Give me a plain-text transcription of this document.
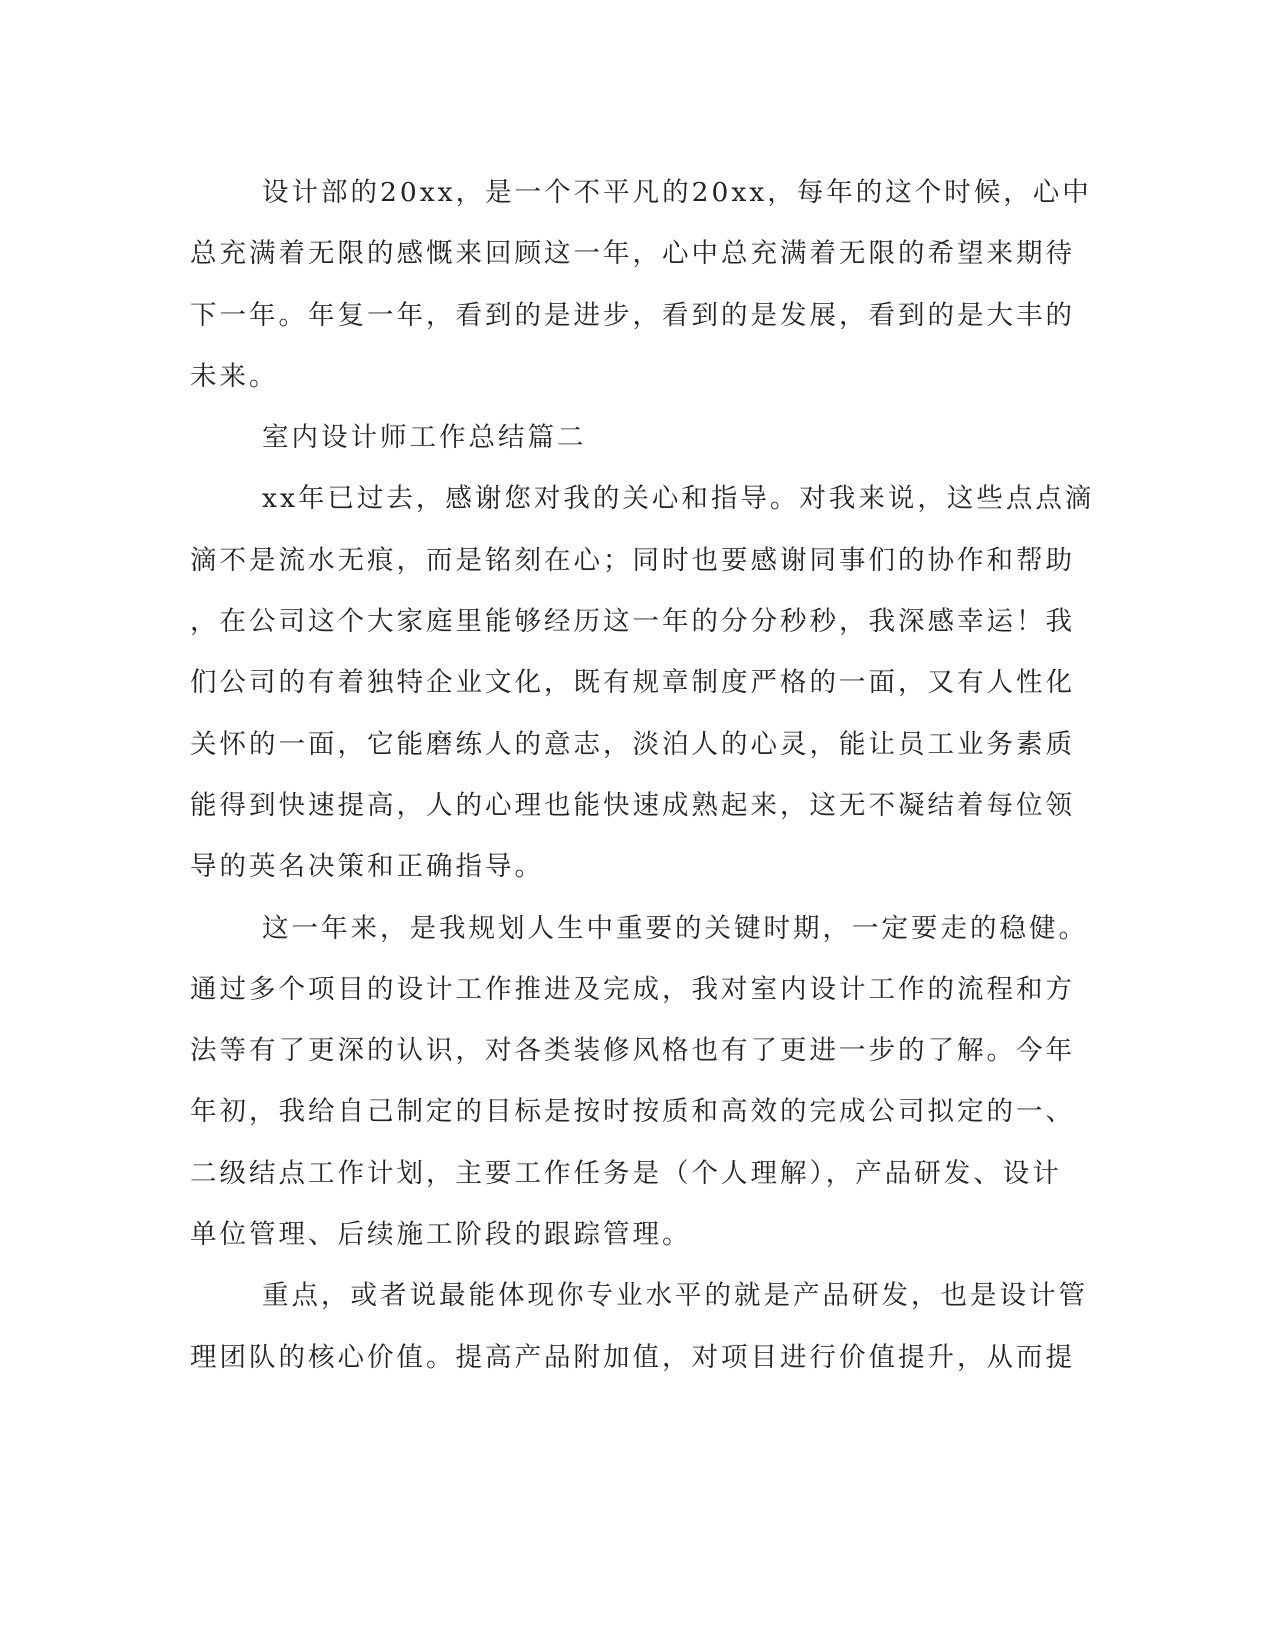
设计部的20xx，是一个不平凡的20xx，每年的这个时候，心中
总充满着无限的感慨来回顾这一年，心中总充满着无限的希望来期待
下一年。年复一年，看到的是进步，看到的是发展，看到的是大丰的
未来。
室内设计师工作总结篇二
xx年已过去，感谢您对我的关心和指导。对我来说，这些点点滴
滴不是流水无痕，而是铭刻在心；同时也要感谢同事们的协作和帮助
，在公司这个大家庭里能够经历这一年的分分秒秒，我深感幸运！我
们公司的有着独特企业文化，既有规章制度严格的一面，又有人性化
关怀的一面，它能磨练人的意志，淡泊人的心灵，能让员工业务素质
能得到快速提高，人的心理也能快速成熟起来，这无不凝结着每位领
导的英名决策和正确指导。
这一年来，是我规划人生中重要的关键时期，一定要走的稳健。
通过多个项目的设计工作推进及完成，我对室内设计工作的流程和方
法等有了更深的认识，对各类装修风格也有了更进一步的了解。今年
年初，我给自己制定的目标是按时按质和高效的完成公司拟定的一、
二级结点工作计划，主要工作任务是（个人理解），产品研发、设计
单位管理、后续施工阶段的跟踪管理。
重点，或者说最能体现你专业水平的就是产品研发，也是设计管
理团队的核心价值。提高产品附加值，对项目进行价值提升，从而提
